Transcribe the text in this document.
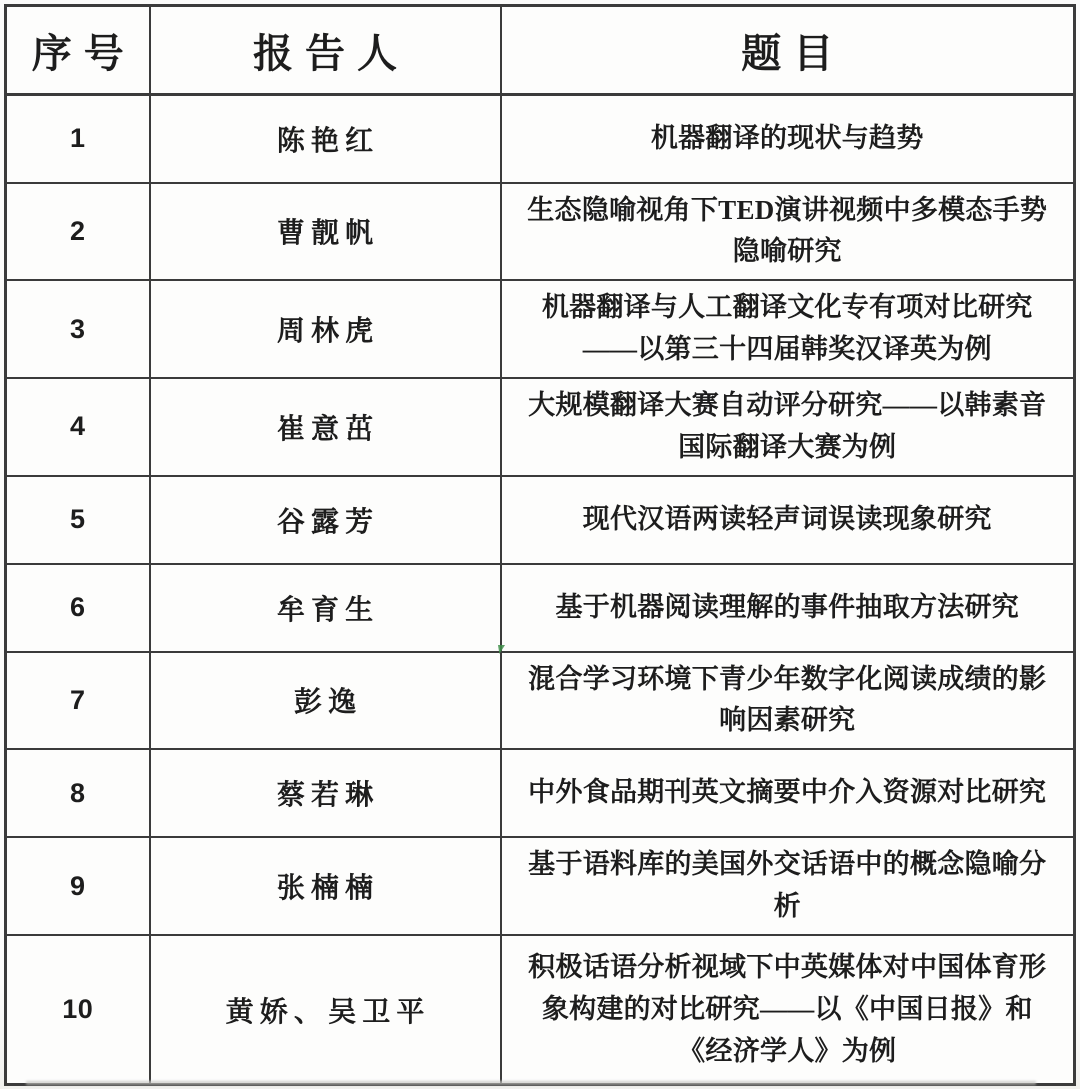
序号	报告人	题目
1	陈艳红	机器翻译的现状与趋势
2	曹靓帆	生态隐喻视角下TED演讲视频中多模态手势隐喻研究
3	周林虎	机器翻译与人工翻译文化专有项对比研究——以第三十四届韩奖汉译英为例
4	崔意茁	大规模翻译大赛自动评分研究——以韩素音国际翻译大赛为例
5	谷露芳	现代汉语两读轻声词误读现象研究
6	牟育生	基于机器阅读理解的事件抽取方法研究
7	彭逸	混合学习环境下青少年数字化阅读成绩的影响因素研究
8	蔡若琳	中外食品期刊英文摘要中介入资源对比研究
9	张楠楠	基于语料库的美国外交话语中的概念隐喻分析
10	黄娇、吴卫平	积极话语分析视域下中英媒体对中国体育形象构建的对比研究——以《中国日报》和《经济学人》为例
